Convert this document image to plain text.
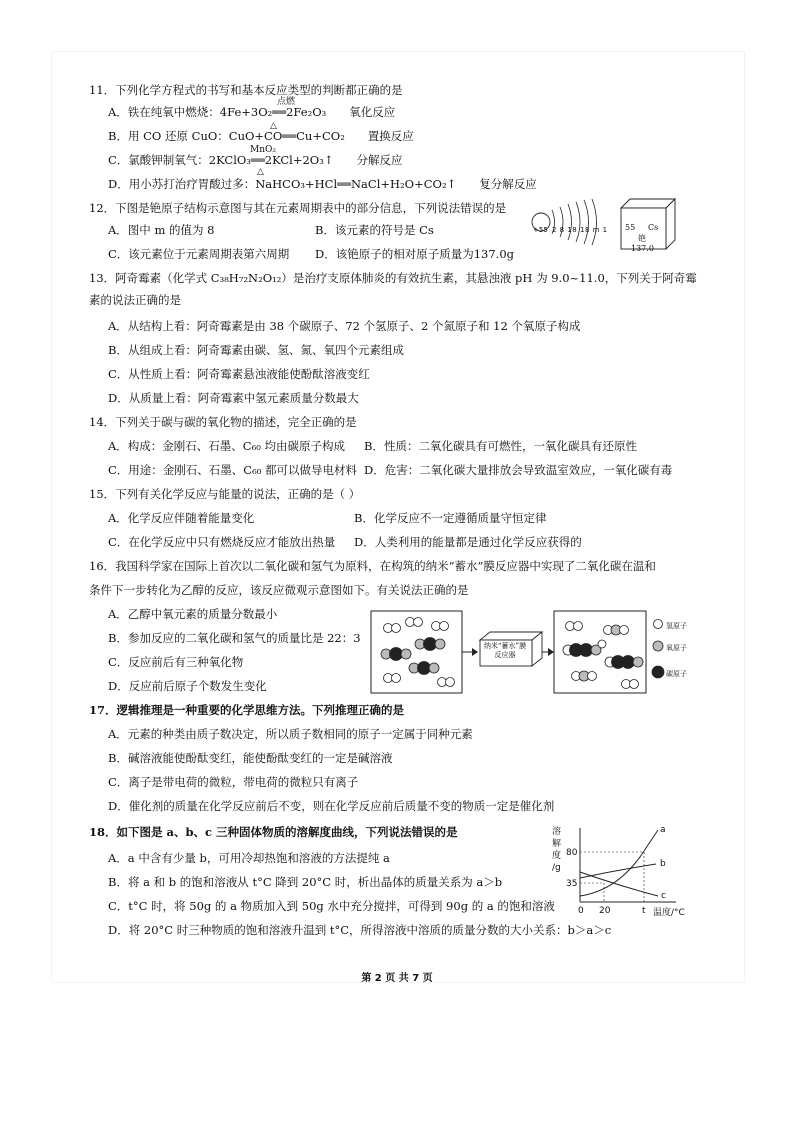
11．下列化学方程式的书写和基本反应类型的判断都正确的是
A．铁在纯氧中燃烧：4Fe+3O₂══2Fe₂O₃　　氧化反应
点燃
B．用 CO 还原 CuO：CuO+CO══Cu+CO₂　　置换反应
△
C．氯酸钾制氧气：2KClO₃══2KCl+2O₃↑　　分解反应
MnO₂
△
D．用小苏打治疗胃酸过多：NaHCO₃+HCl══NaCl+H₂O+CO₂↑　　复分解反应
12．下图是铯原子结构示意图与其在元素周期表中的部分信息，下列说法错误的是
A．图中 m 的值为 8	B．该元素的符号是 Cs
C．该元素位于元素周期表第六周期 D．该铯原子的相对原子质量为137.0g
+55 2 8 18 18 m 1 55 Cs
铯
137.0
13．阿奇霉素（化学式 C₃₈H₇₂N₂O₁₂）是治疗支原体肺炎的有效抗生素，其悬浊液 pH 为 9.0~11.0，下列关于阿奇霉
素的说法正确的是
A．从结构上看：阿奇霉素是由 38 个碳原子、72 个氢原子、2 个氮原子和 12 个氧原子构成
B．从组成上看：阿奇霉素由碳、氢、氮、氧四个元素组成
C．从性质上看：阿奇霉素悬浊液能使酚酞溶液变红
D．从质量上看：阿奇霉素中氢元素质量分数最大
14．下列关于碳与碳的氧化物的描述，完全正确的是
A．构成：金刚石、石墨、C₆₀ 均由碳原子构成 B．性质：二氧化碳具有可燃性，一氧化碳具有还原性
C．用途：金刚石、石墨、C₆₀ 都可以做导电材料 D．危害：二氧化碳大量排放会导致温室效应，一氧化碳有毒
15．下列有关化学反应与能量的说法，正确的是（ ）
A．化学反应伴随着能量变化	B．化学反应不一定遵循质量守恒定律
C．在化学反应中只有燃烧反应才能放出热量 D．人类利用的能量都是通过化学反应获得的
16．我国科学家在国际上首次以二氧化碳和氢气为原料，在构筑的纳米“蓄水”膜反应器中实现了二氧化碳在温和
条件下一步转化为乙醇的反应，该反应微观示意图如下。有关说法正确的是
A．乙醇中氧元素的质量分数最小
B．参加反应的二氧化碳和氢气的质量比是 22：3
C．反应前后有三种氧化物
D．反应前后原子个数发生变化
纳米“蓄水”膜反应器
氢原子
氧原子
碳原子
17．逻辑推理是一种重要的化学思维方法。下列推理正确的是
A．元素的种类由质子数决定，所以质子数相同的原子一定属于同种元素
B．碱溶液能使酚酞变红，能使酚酞变红的一定是碱溶液
C．离子是带电荷的微粒，带电荷的微粒只有离子
D．催化剂的质量在化学反应前后不变，则在化学反应前后质量不变的物质一定是催化剂
18．如下图是 a、b、c 三种固体物质的溶解度曲线，下列说法错误的是
A．a 中含有少量 b，可用冷却热饱和溶液的方法提纯 a
B．将 a 和 b 的饱和溶液从 t°C 降到 20°C 时，析出晶体的质量关系为 a＞b
C．t°C 时，将 50g 的 a 物质加入到 50g 水中充分搅拌，可得到 90g 的 a 的饱和溶液
D．将 20°C 时三种物质的饱和溶液升温到 t°C，所得溶液中溶质的质量分数的大小关系：b＞a＞c
溶
解
度
/g
80
35
0 20	t 温度/°C
a
b
c
第 2 页 共 7 页
